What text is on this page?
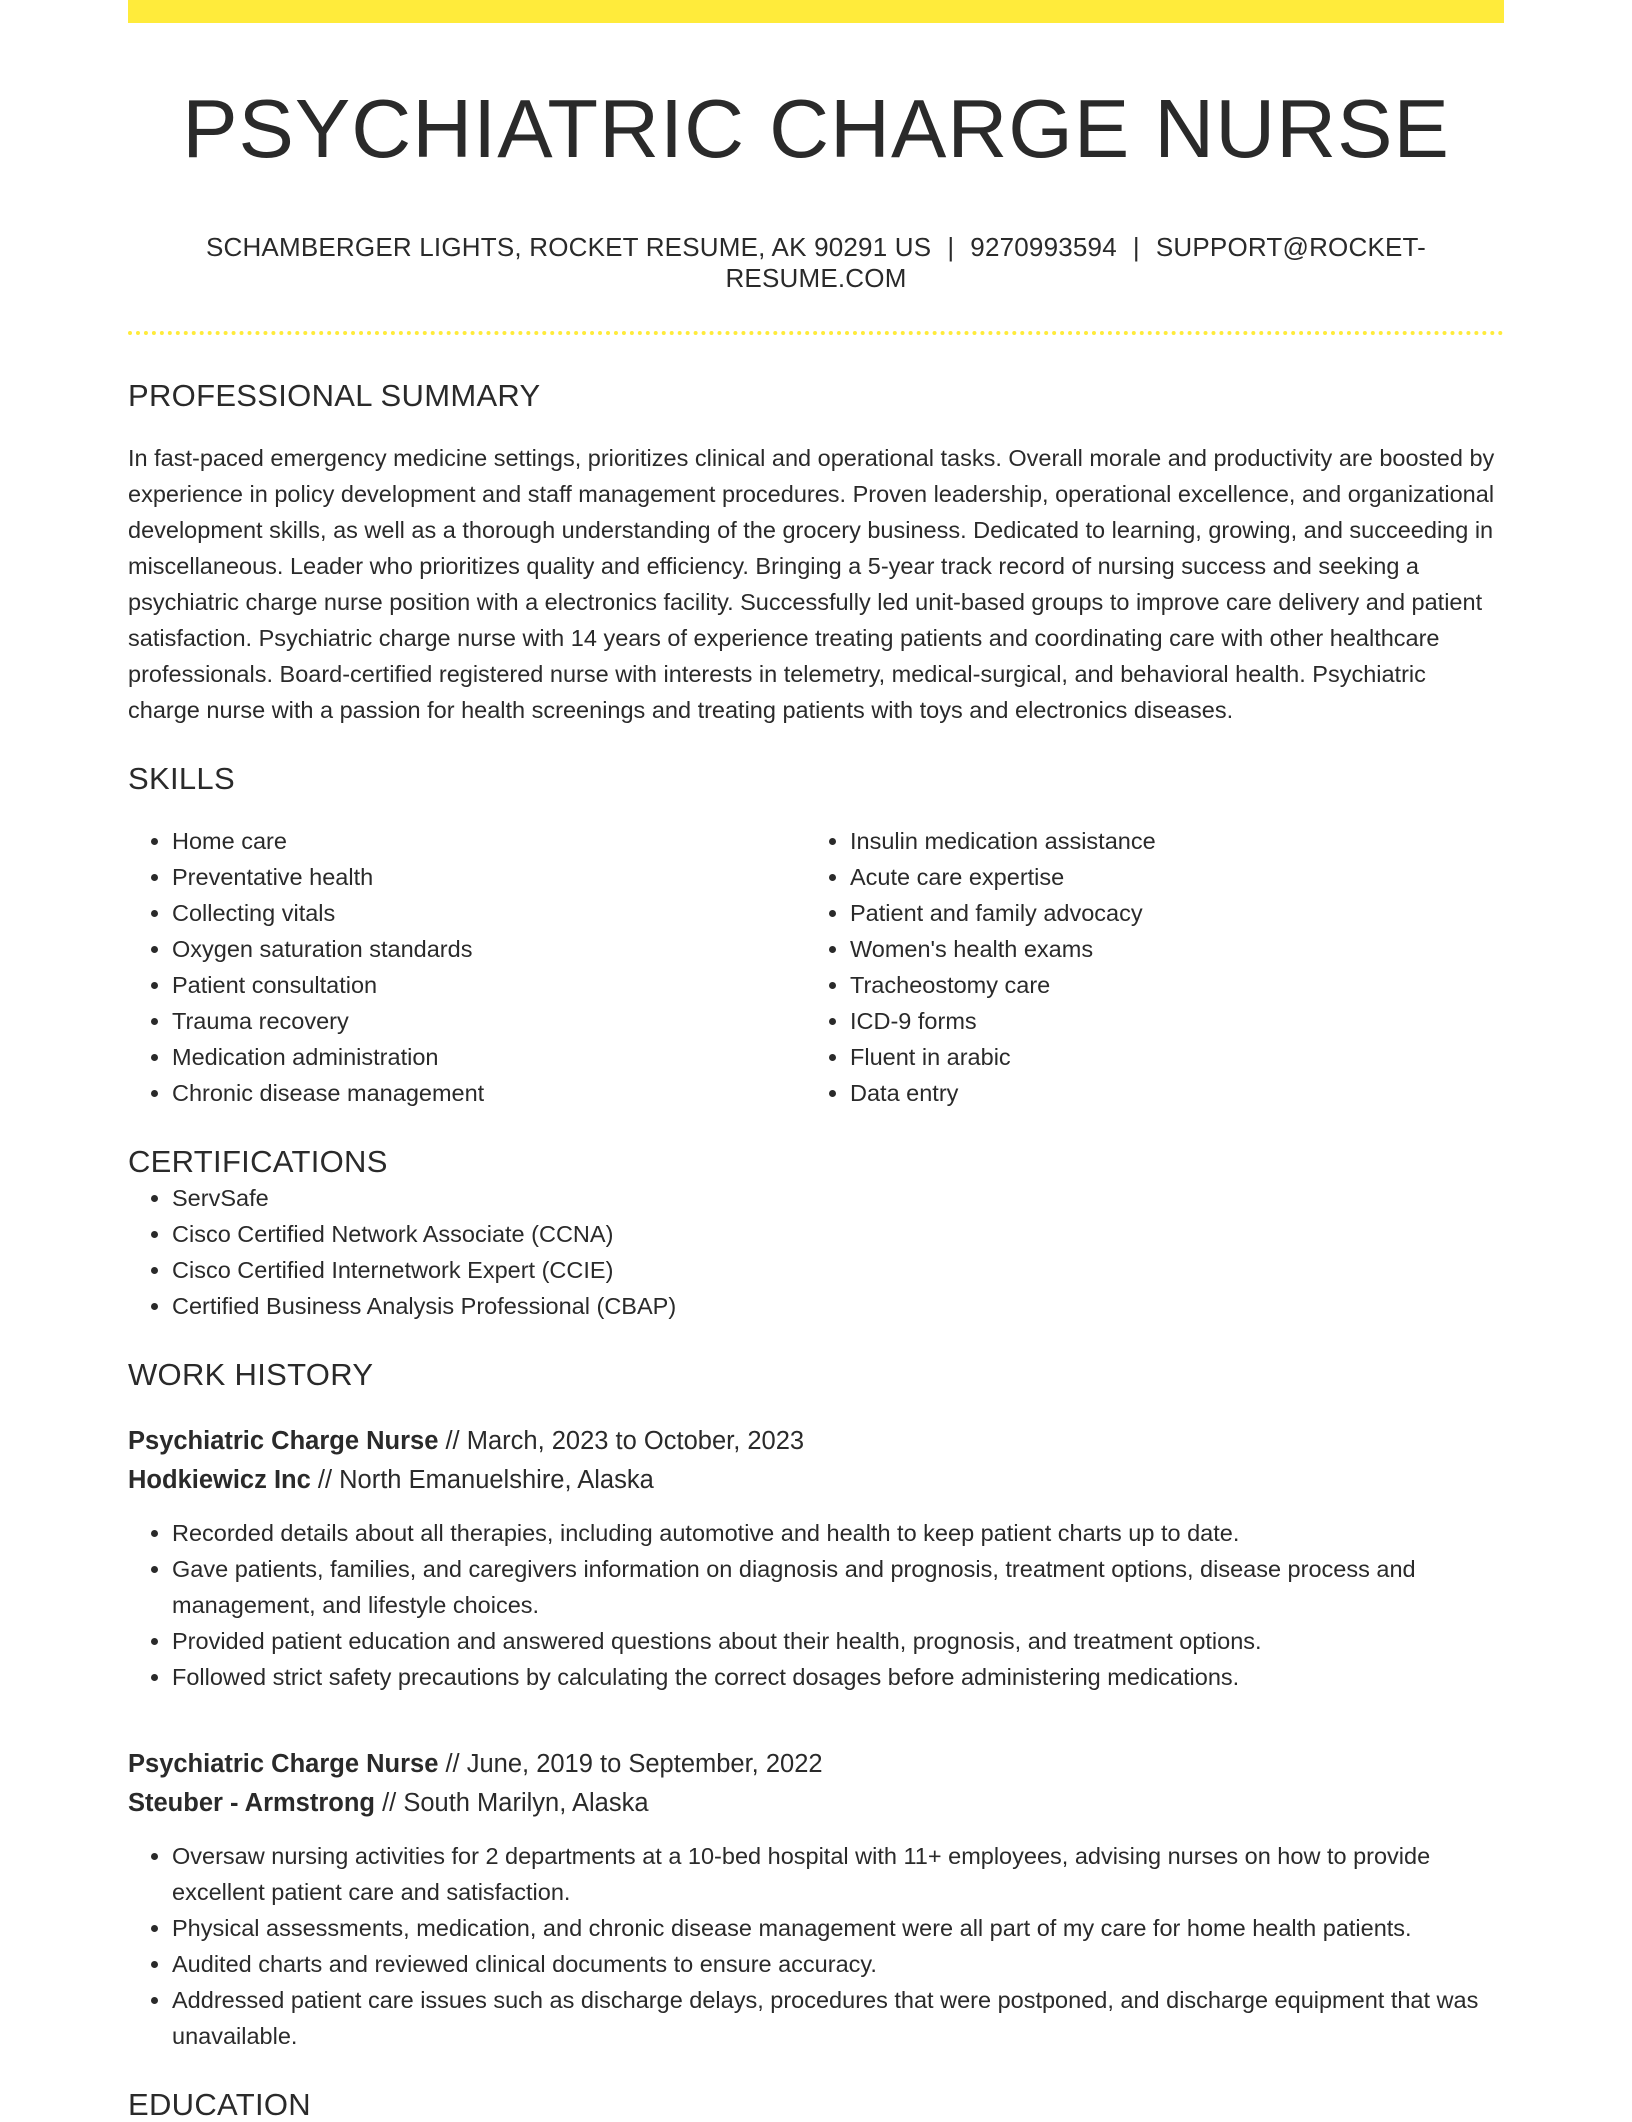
PSYCHIATRIC CHARGE NURSE
SCHAMBERGER LIGHTS, ROCKET RESUME, AK 90291 US | 9270993594 | SUPPORT@ROCKET-RESUME.COM
PROFESSIONAL SUMMARY

In fast-paced emergency medicine settings, prioritizes clinical and operational tasks. Overall morale and productivity are boosted by experience in policy development and staff management procedures. Proven leadership, operational excellence, and organizational development skills, as well as a thorough understanding of the grocery business. Dedicated to learning, growing, and succeeding in miscellaneous. Leader who prioritizes quality and efficiency. Bringing a 5-year track record of nursing success and seeking a psychiatric charge nurse position with a electronics facility. Successfully led unit-based groups to improve care delivery and patient satisfaction. Psychiatric charge nurse with 14 years of experience treating patients and coordinating care with other healthcare professionals. Board-certified registered nurse with interests in telemetry, medical-surgical, and behavioral health. Psychiatric charge nurse with a passion for health screenings and treating patients with toys and electronics diseases.

SKILLS
• Home care
• Preventative health
• Collecting vitals
• Oxygen saturation standards
• Patient consultation
• Trauma recovery
• Medication administration
• Chronic disease management
• Insulin medication assistance
• Acute care expertise
• Patient and family advocacy
• Women's health exams
• Tracheostomy care
• ICD-9 forms
• Fluent in arabic
• Data entry
CERTIFICATIONS
• ServSafe
• Cisco Certified Network Associate (CCNA)
• Cisco Certified Internetwork Expert (CCIE)
• Certified Business Analysis Professional (CBAP)
WORK HISTORY
Psychiatric Charge Nurse // March, 2023 to October, 2023
Hodkiewicz Inc // North Emanuelshire, Alaska
• Recorded details about all therapies, including automotive and health to keep patient charts up to date.
• Gave patients, families, and caregivers information on diagnosis and prognosis, treatment options, disease process and management, and lifestyle choices.
• Provided patient education and answered questions about their health, prognosis, and treatment options.
• Followed strict safety precautions by calculating the correct dosages before administering medications.
Psychiatric Charge Nurse // June, 2019 to September, 2022
Steuber - Armstrong // South Marilyn, Alaska
• Oversaw nursing activities for 2 departments at a 10-bed hospital with 11+ employees, advising nurses on how to provide excellent patient care and satisfaction.
• Physical assessments, medication, and chronic disease management were all part of my care for home health patients.
• Audited charts and reviewed clinical documents to ensure accuracy.
• Addressed patient care issues such as discharge delays, procedures that were postponed, and discharge equipment that was unavailable.
EDUCATION
